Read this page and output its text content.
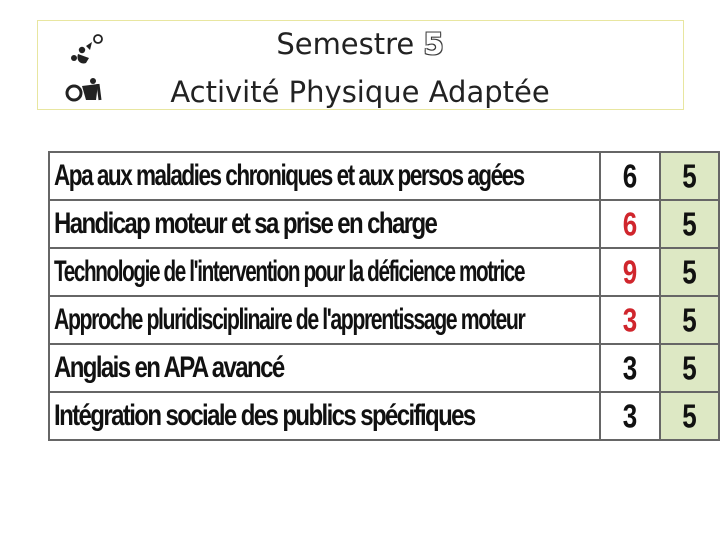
Semestre 5
Activité Physique Adaptée
Apa aux maladies chroniques et aux persos agées	6	5
Handicap moteur et sa prise en charge	6	5
Technologie de l'intervention pour la déficience motrice	9	5
Approche pluridisciplinaire de l'apprentissage moteur	3	5
Anglais en APA avancé	3	5
Intégration sociale des publics spécifiques	3	5
